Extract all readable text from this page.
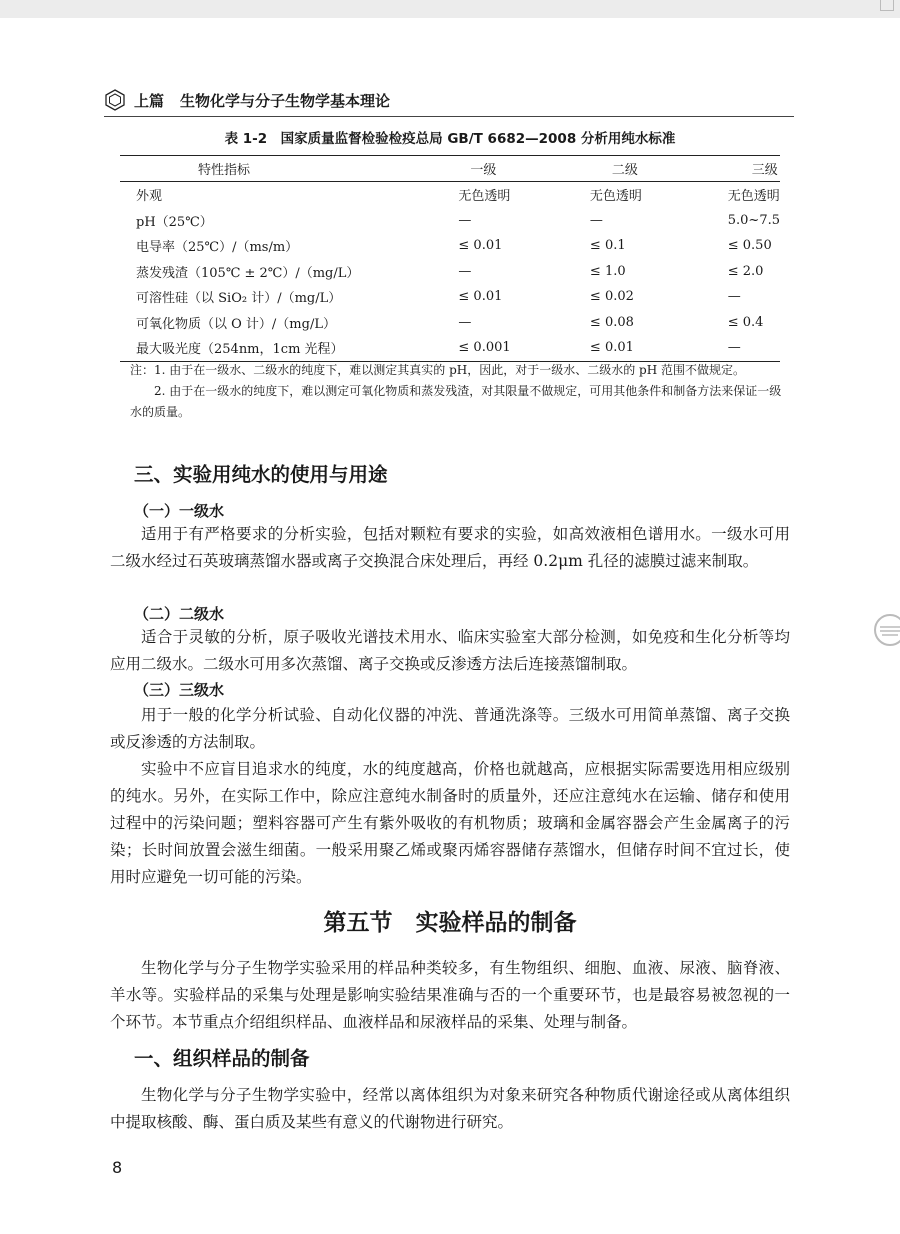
上篇 生物化学与分子生物学基本理论
表 1-2　国家质量监督检验检疫总局 GB/T 6682—2008 分析用纯水标准
特性指标	一级	二级	三级
外观	无色透明	无色透明	无色透明
pH（25℃）	—	—	5.0~7.5
电导率（25℃）/（ms/m）	≤ 0.01	≤ 0.1	≤ 0.50
蒸发残渣（105℃ ± 2℃）/（mg/L）	—	≤ 1.0	≤ 2.0
可溶性硅（以 SiO₂ 计）/（mg/L）	≤ 0.01	≤ 0.02	—
可氧化物质（以 O 计）/（mg/L）	—	≤ 0.08	≤ 0.4
最大吸光度（254nm，1cm 光程）	≤ 0.001	≤ 0.01	—

注：1. 由于在一级水、二级水的纯度下，难以测定其真实的 pH，因此，对于一级水、二级水的 pH 范围不做规定。

2. 由于在一级水的纯度下，难以测定可氧化物质和蒸发残渣，对其限量不做规定，可用其他条件和制备方法来保证一级水的质量。

三、实验用纯水的使用与用途
（一）一级水

适用于有严格要求的分析实验，包括对颗粒有要求的实验，如高效液相色谱用水。一级水可用二级水经过石英玻璃蒸馏水器或离子交换混合床处理后，再经 0.2μm 孔径的滤膜过滤来制取。

（二）二级水

适合于灵敏的分析，原子吸收光谱技术用水、临床实验室大部分检测，如免疫和生化分析等均应用二级水。二级水可用多次蒸馏、离子交换或反渗透方法后连接蒸馏制取。

（三）三级水

用于一般的化学分析试验、自动化仪器的冲洗、普通洗涤等。三级水可用简单蒸馏、离子交换或反渗透的方法制取。

实验中不应盲目追求水的纯度，水的纯度越高，价格也就越高，应根据实际需要选用相应级别的纯水。另外，在实际工作中，除应注意纯水制备时的质量外，还应注意纯水在运输、储存和使用过程中的污染问题；塑料容器可产生有紫外吸收的有机物质；玻璃和金属容器会产生金属离子的污染；长时间放置会滋生细菌。一般采用聚乙烯或聚丙烯容器储存蒸馏水，但储存时间不宜过长，使用时应避免一切可能的污染。

第五节　实验样品的制备

生物化学与分子生物学实验采用的样品种类较多，有生物组织、细胞、血液、尿液、脑脊液、羊水等。实验样品的采集与处理是影响实验结果准确与否的一个重要环节，也是最容易被忽视的一个环节。本节重点介绍组织样品、血液样品和尿液样品的采集、处理与制备。

一、组织样品的制备

生物化学与分子生物学实验中，经常以离体组织为对象来研究各种物质代谢途径或从离体组织中提取核酸、酶、蛋白质及某些有意义的代谢物进行研究。

8
